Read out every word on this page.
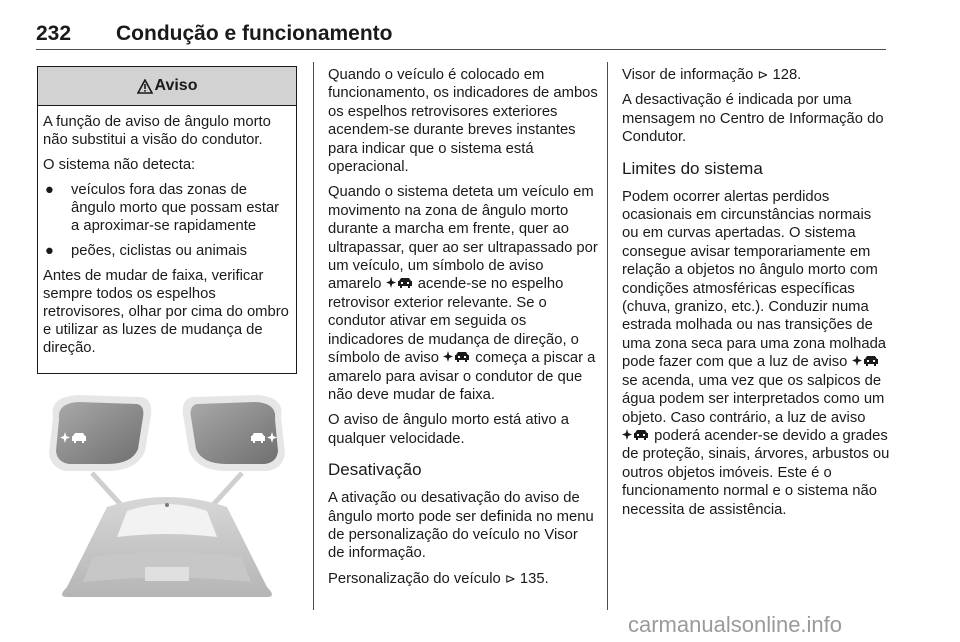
232 Condução e funcionamento
Aviso

A função de aviso de ângulo morto não substitui a visão do condutor.

O sistema não detecta:

●	veículos fora das zonas de ângulo morto que possam estar a aproximar-se rapidamente
●	peões, ciclistas ou animais

Antes de mudar de faixa, verificar sempre todos os espelhos retrovisores, olhar por cima do ombro e utilizar as luzes de mudança de direção.

Quando o veículo é colocado em funcionamento, os indicadores de ambos os espelhos retrovisores exteriores acendem-se durante breves instantes para indicar que o sistema está operacional.

Quando o sistema deteta um veículo em movimento na zona de ângulo morto durante a marcha em frente, quer ao ultrapassar, quer ao ser ultrapassado por um veículo, um símbolo de aviso amarelo acende-se no espelho retrovisor exterior relevante. Se o condutor ativar em seguida os indicadores de mudança de direção, o símbolo de aviso começa a piscar a amarelo para avisar o condutor de que não deve mudar de faixa.

O aviso de ângulo morto está ativo a qualquer velocidade.

Desativação

A ativação ou desativação do aviso de ângulo morto pode ser definida no menu de personalização do veículo no Visor de informação.

Personalização do veículo ⊳ 135.

Visor de informação ⊳ 128.

A desactivação é indicada por uma mensagem no Centro de Informação do Condutor.

Limites do sistema

Podem ocorrer alertas perdidos ocasionais em circunstâncias normais ou em curvas apertadas. O sistema consegue avisar temporariamente em relação a objetos no ângulo morto com condições atmosféricas específicas (chuva, granizo, etc.). Conduzir numa estrada molhada ou nas transições de uma zona seca para uma zona molhada pode fazer com que a luz de aviso  se acenda, uma vez que os salpicos de água podem ser interpretados como um objeto. Caso contrário, a luz de aviso  poderá acender-se devido a grades de proteção, sinais, árvores, arbustos ou outros objetos imóveis. Este é o funcionamento normal e o sistema não necessita de assistência.

carmanualsonline.info
